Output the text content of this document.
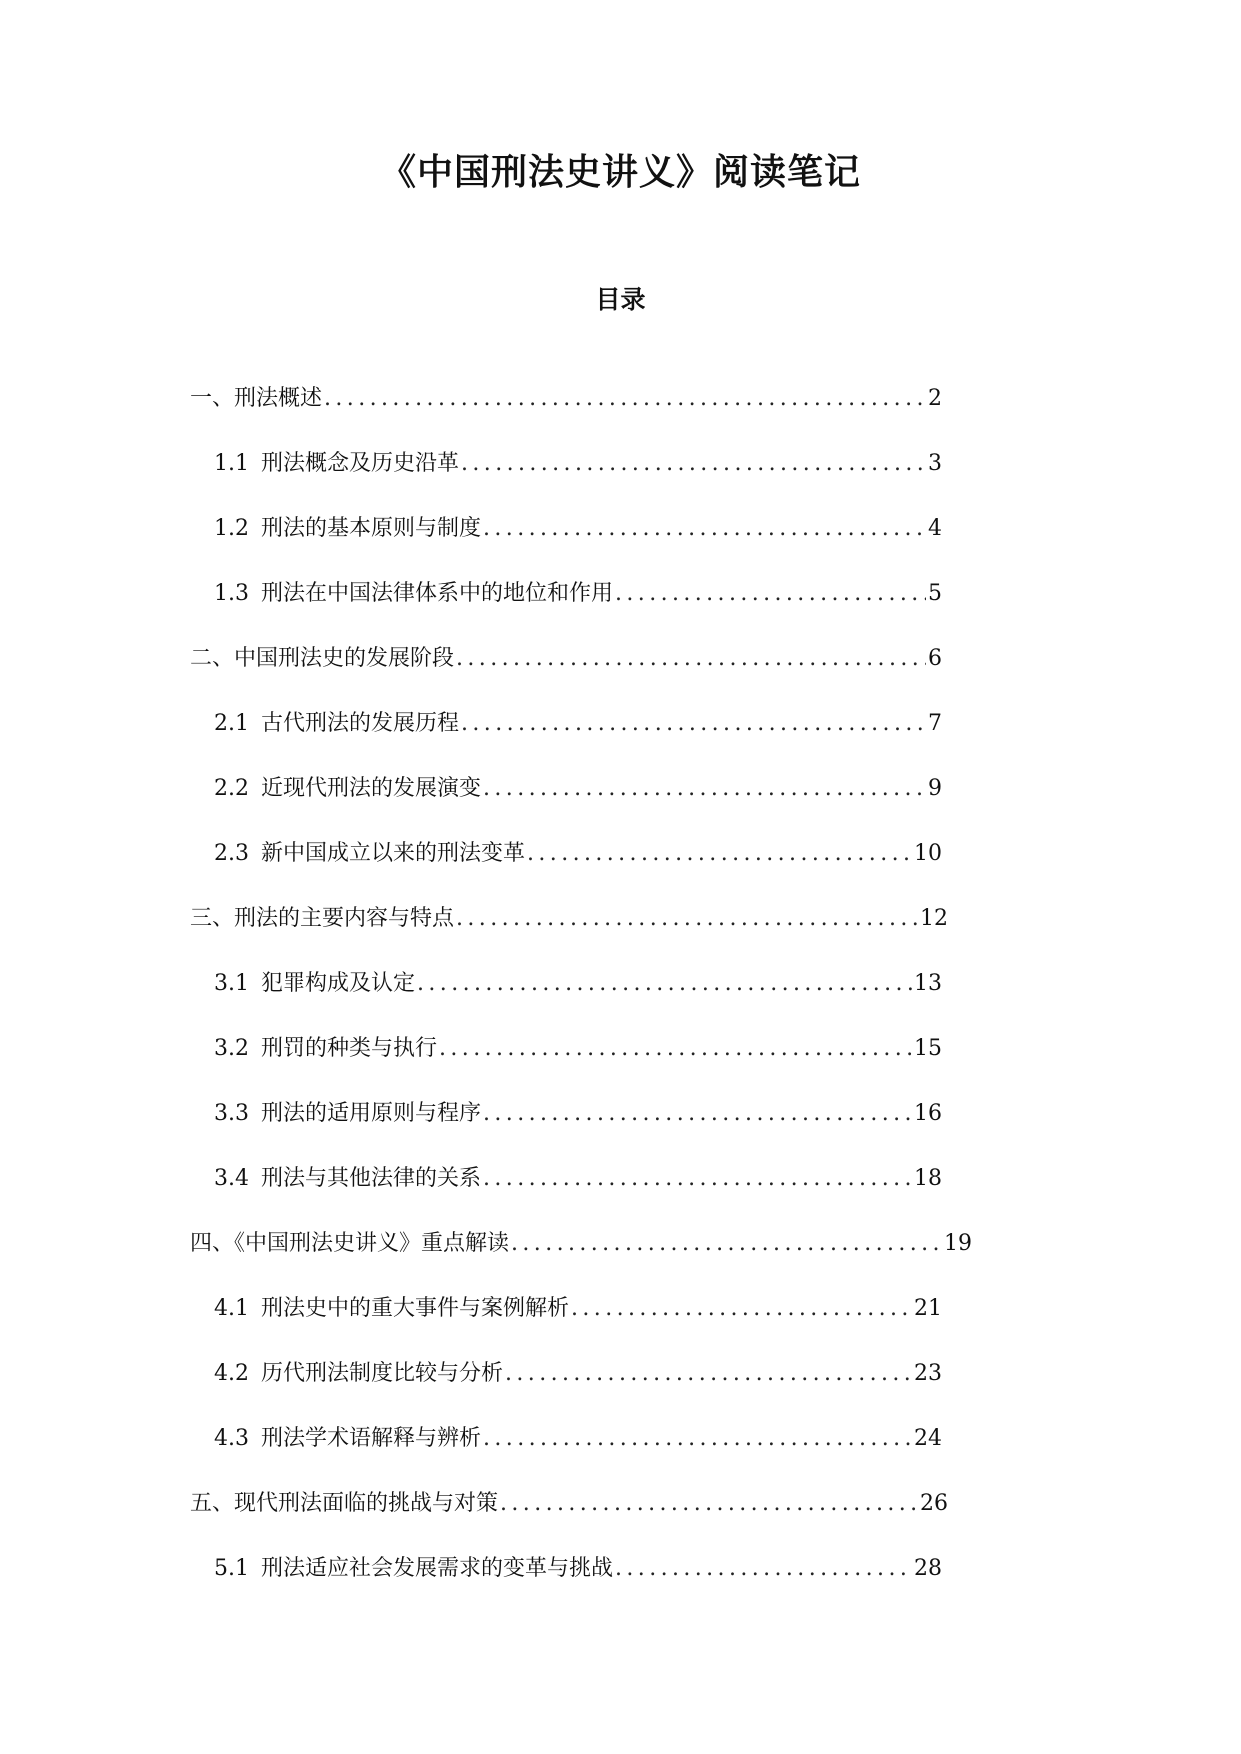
《中国刑法史讲义》阅读笔记
目录
一、刑法概述 .....	2
1.1 刑法概念及历史沿革 .....	3
1.2 刑法的基本原则与制度 .....	4
1.3 刑法在中国法律体系中的地位和作用 .....	5
二、中国刑法史的发展阶段 .....	6
2.1 古代刑法的发展历程 .....	7
2.2 近现代刑法的发展演变 .....	9
2.3 新中国成立以来的刑法变革 .....	10
三、刑法的主要内容与特点 .....	12
3.1 犯罪构成及认定 .....	13
3.2 刑罚的种类与执行 .....	15
3.3 刑法的适用原则与程序 .....	16
3.4 刑法与其他法律的关系 .....	18
四、《中国刑法史讲义》重点解读 .....	19
4.1 刑法史中的重大事件与案例解析 .....	21
4.2 历代刑法制度比较与分析 .....	23
4.3 刑法学术语解释与辨析 .....	24
五、现代刑法面临的挑战与对策 .....	26
5.1 刑法适应社会发展需求的变革与挑战 .....	28
